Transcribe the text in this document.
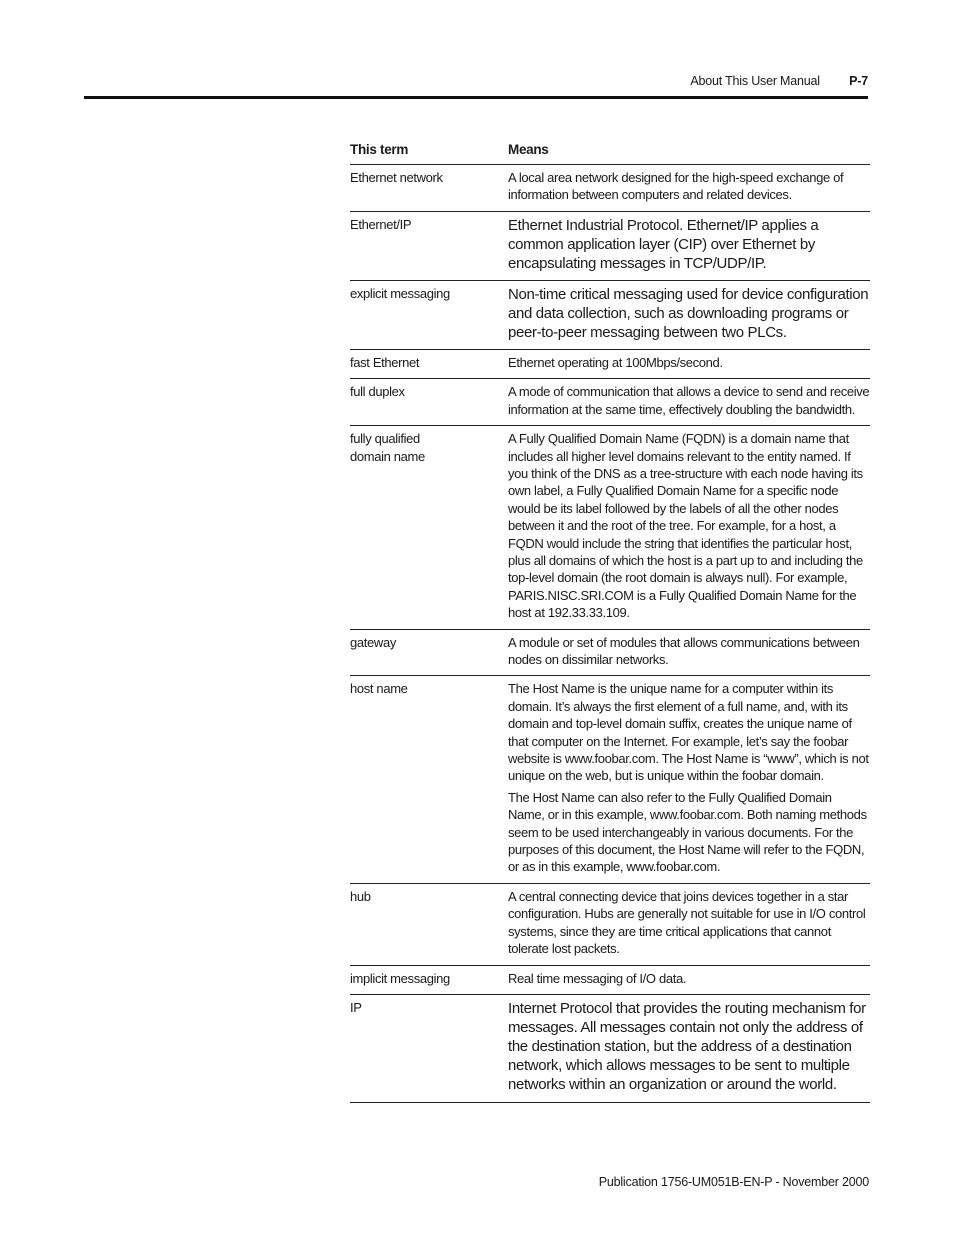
About This User Manual P-7
This term	Means
Ethernet network	A local area network designed for the high-speed exchange of information between computers and related devices.

Ethernet/IP	Ethernet Industrial Protocol. Ethernet/IP applies a common application layer (CIP) over Ethernet by encapsulating messages in TCP/UDP/IP.

explicit messaging	Non-time critical messaging used for device configuration and data collection, such as downloading programs or peer-to-peer messaging between two PLCs.

fast Ethernet	Ethernet operating at 100Mbps/second.

full duplex	A mode of communication that allows a device to send and receive information at the same time, effectively doubling the bandwidth.

fully qualified domain name	A Fully Qualified Domain Name (FQDN) is a domain name that includes all higher level domains relevant to the entity named. If you think of the DNS as a tree-structure with each node having its own label, a Fully Qualified Domain Name for a specific node would be its label followed by the labels of all the other nodes between it and the root of the tree. For example, for a host, a FQDN would include the string that identifies the particular host, plus all domains of which the host is a part up to and including the top-level domain (the root domain is always null). For example, PARIS.NISC.SRI.COM is a Fully Qualified Domain Name for the host at 192.33.33.109.

gateway	A module or set of modules that allows communications between nodes on dissimilar networks.

host name	The Host Name is the unique name for a computer within its domain. It’s always the first element of a full name, and, with its domain and top-level domain suffix, creates the unique name of that computer on the Internet. For example, let’s say the foobar website is www.foobar.com. The Host Name is “www”, which is not unique on the web, but is unique within the foobar domain.

The Host Name can also refer to the Fully Qualified Domain Name, or in this example, www.foobar.com. Both naming methods seem to be used interchangeably in various documents. For the purposes of this document, the Host Name will refer to the FQDN, or as in this example, www.foobar.com.

hub	A central connecting device that joins devices together in a star configuration. Hubs are generally not suitable for use in I/O control systems, since they are time critical applications that cannot tolerate lost packets.

implicit messaging	Real time messaging of I/O data.

IP	Internet Protocol that provides the routing mechanism for messages. All messages contain not only the address of the destination station, but the address of a destination network, which allows messages to be sent to multiple networks within an organization or around the world.

Publication 1756-UM051B-EN-P - November 2000
